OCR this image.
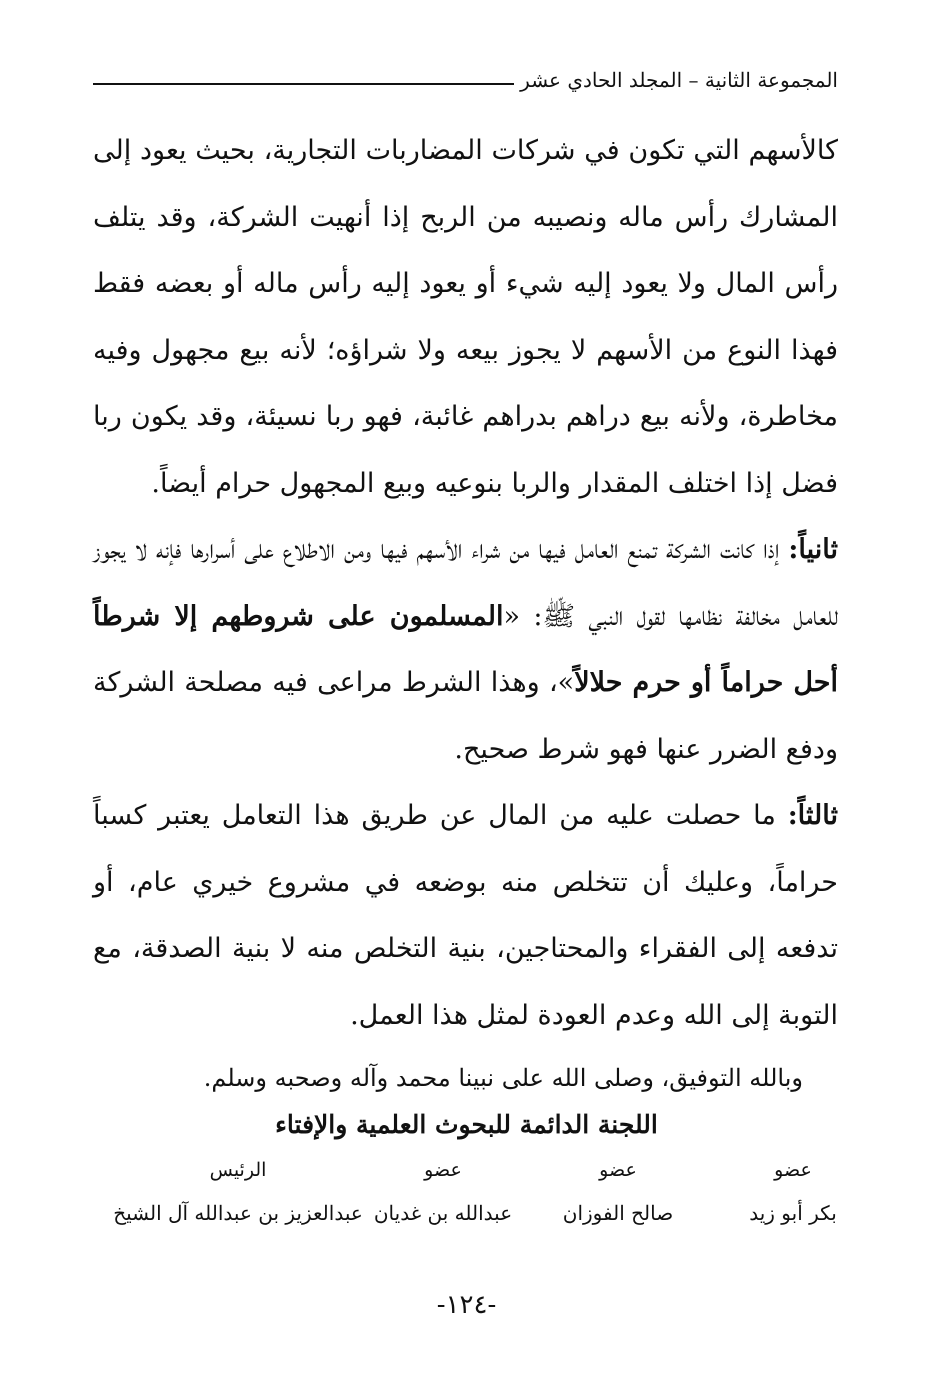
المجموعة الثانية – المجلد الحادي عشر

كالأسهم التي تكون في شركات المضاربات التجارية، بحيث يعود إلى المشارك رأس ماله ونصيبه من الربح إذا أنهيت الشركة، وقد يتلف رأس المال ولا يعود إليه شيء أو يعود إليه رأس ماله أو بعضه فقط فهذا النوع من الأسهم لا يجوز بيعه ولا شراؤه؛ لأنه بيع مجهول وفيه مخاطرة، ولأنه بيع دراهم بدراهم غائبة، فهو ربا نسيئة، وقد يكون ربا فضل إذا اختلف المقدار والربا بنوعيه وبيع المجهول حرام أيضاً.

ثانياً: إذا كانت الشركة تمنع العامل فيها من شراء الأسهم فيها ومن الاطلاع على أسرارها فإنه لا يجوز للعامل مخالفة نظامها لقول النبي ﷺ: «المسلمون على شروطهم إلا شرطاً أحل حراماً أو حرم حلالاً»، وهذا الشرط مراعى فيه مصلحة الشركة ودفع الضرر عنها فهو شرط صحيح.

ثالثاً: ما حصلت عليه من المال عن طريق هذا التعامل يعتبر كسباً حراماً، وعليك أن تتخلص منه بوضعه في مشروع خيري عام، أو تدفعه إلى الفقراء والمحتاجين، بنية التخلص منه لا بنية الصدقة، مع التوبة إلى الله وعدم العودة لمثل هذا العمل.

وبالله التوفيق، وصلى الله على نبينا محمد وآله وصحبه وسلم.
اللجنة الدائمة للبحوث العلمية والإفتاء
عضو
بكر أبو زيد
عضو
صالح الفوزان
عضو
عبدالله بن غديان
الرئيس
عبدالعزيز بن عبدالله آل الشيخ
-١٢٤-
